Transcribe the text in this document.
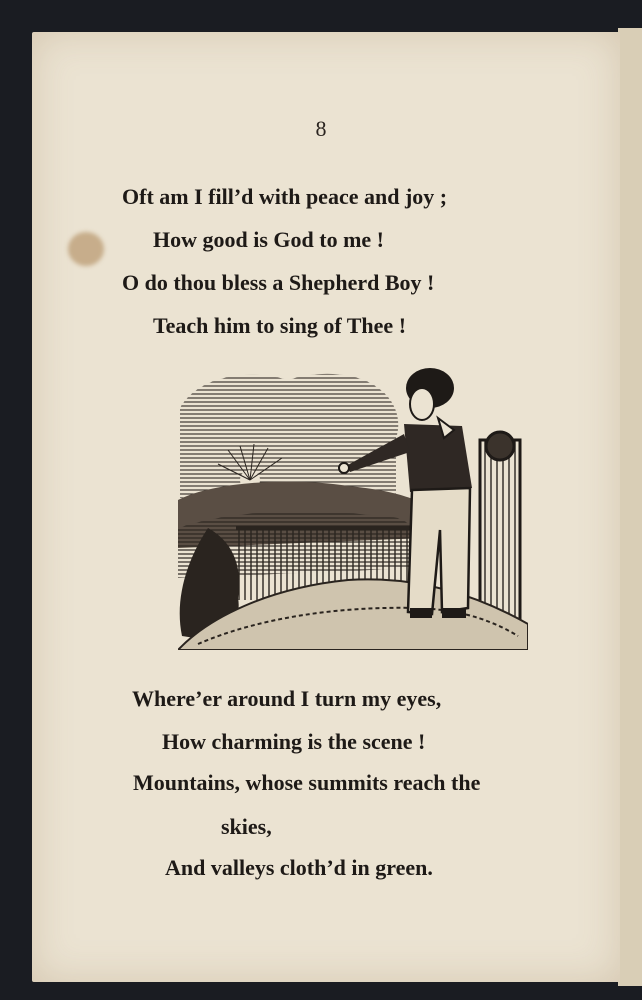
8
Oft am I fill’d with peace and joy ;
How good is God to me !
O do thou bless a Shepherd Boy !
Teach him to sing of Thee !
Where’er around I turn my eyes,
How charming is the scene !
Mountains, whose summits reach the
skies,
And valleys cloth’d in green.
